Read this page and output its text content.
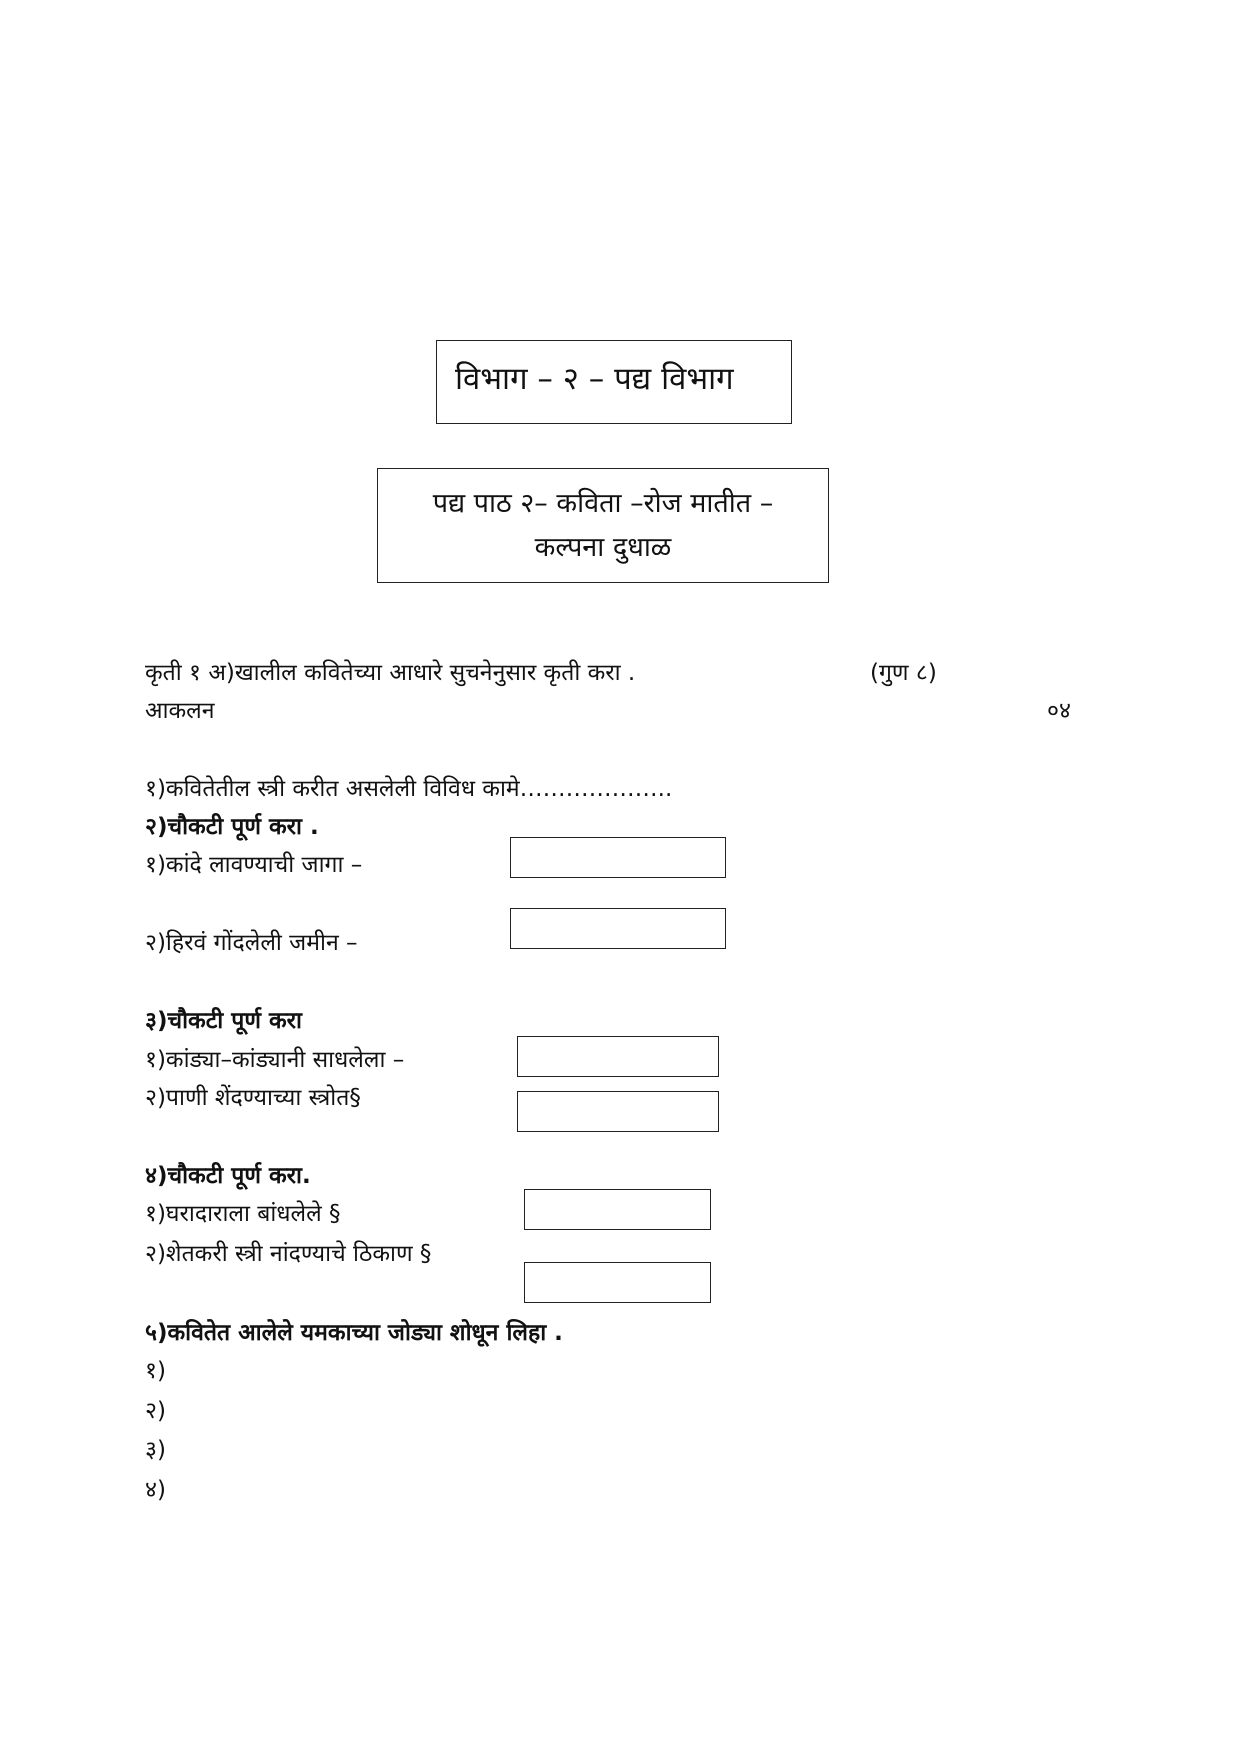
विभाग – २ – पद्य विभाग
पद्य पाठ २– कविता –रोज मातीत –
कल्पना दुधाळ
कृती १ अ)खालील कवितेच्या आधारे सुचनेनुसार कृती करा .	(गुण ८)
आकलन	०४
१)कवितेतील स्त्री करीत असलेली विविध कामे………………..
२)चौकटी पूर्ण करा .
१)कांदे लावण्याची जागा –
२)हिरवं गोंदलेली जमीन –
३)चौकटी पूर्ण करा
१)कांड्या–कांड्यानी साधलेला –
२)पाणी शेंदण्याच्या स्त्रोत§
४)चौकटी पूर्ण करा.
१)घरादाराला बांधलेले §
२)शेतकरी स्त्री नांदण्याचे ठिकाण §
५)कवितेत आलेले यमकाच्या जोड्या शोधून लिहा .
१)
२)
३)
४)
